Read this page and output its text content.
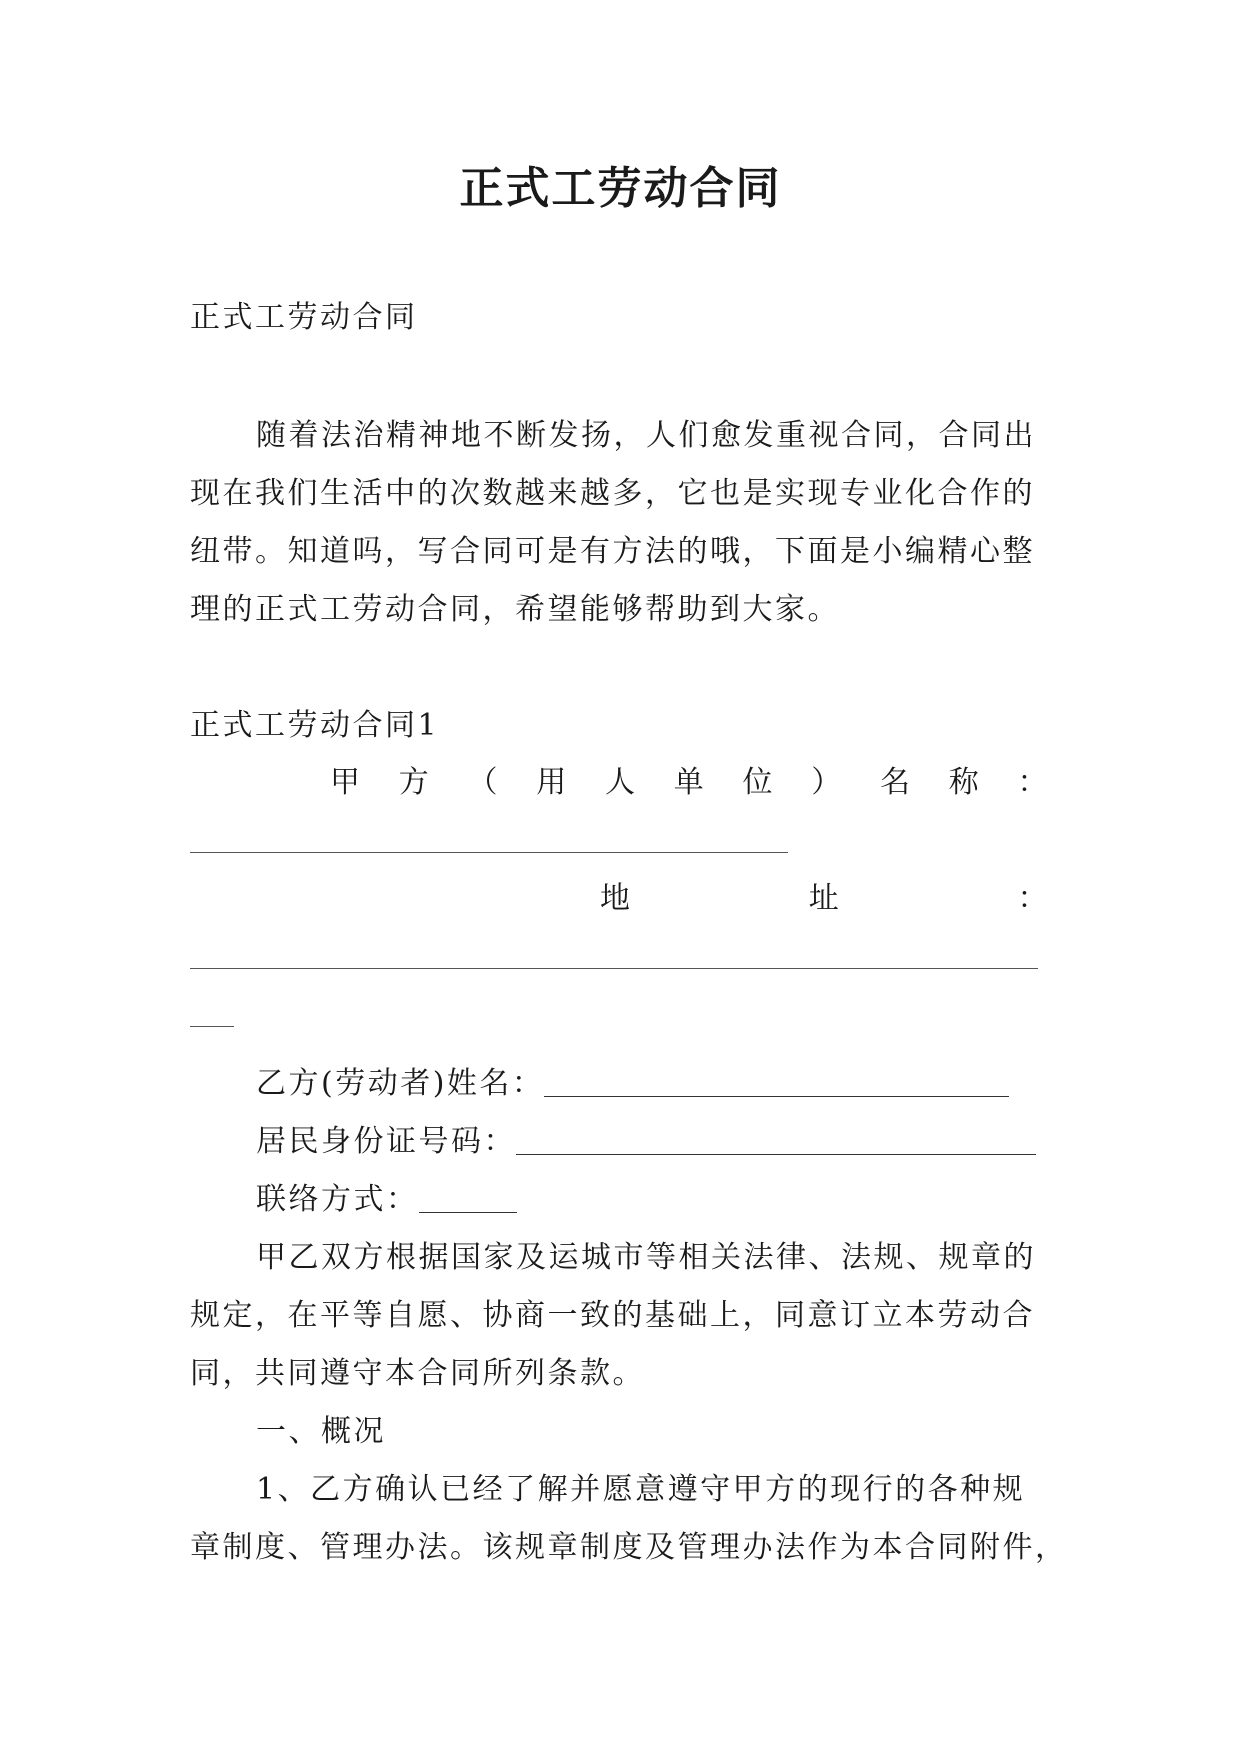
正式工劳动合同
正式工劳动合同
随着法治精神地不断发扬，人们愈发重视合同，合同出
现在我们生活中的次数越来越多，它也是实现专业化合作的
纽带。知道吗，写合同可是有方法的哦，下面是小编精心整
理的正式工劳动合同，希望能够帮助到大家。
正式工劳动合同1
甲 方 （ 用 人 单 位 ） 名 称 ：
地	址	：
乙方(劳动者)姓名：
居民身份证号码：
联络方式：
甲乙双方根据国家及运城市等相关法律、法规、规章的
规定，在平等自愿、协商一致的基础上，同意订立本劳动合
同，共同遵守本合同所列条款。
一、概况
1、乙方确认已经了解并愿意遵守甲方的现行的各种规
章制度、管理办法。该规章制度及管理办法作为本合同附件，
